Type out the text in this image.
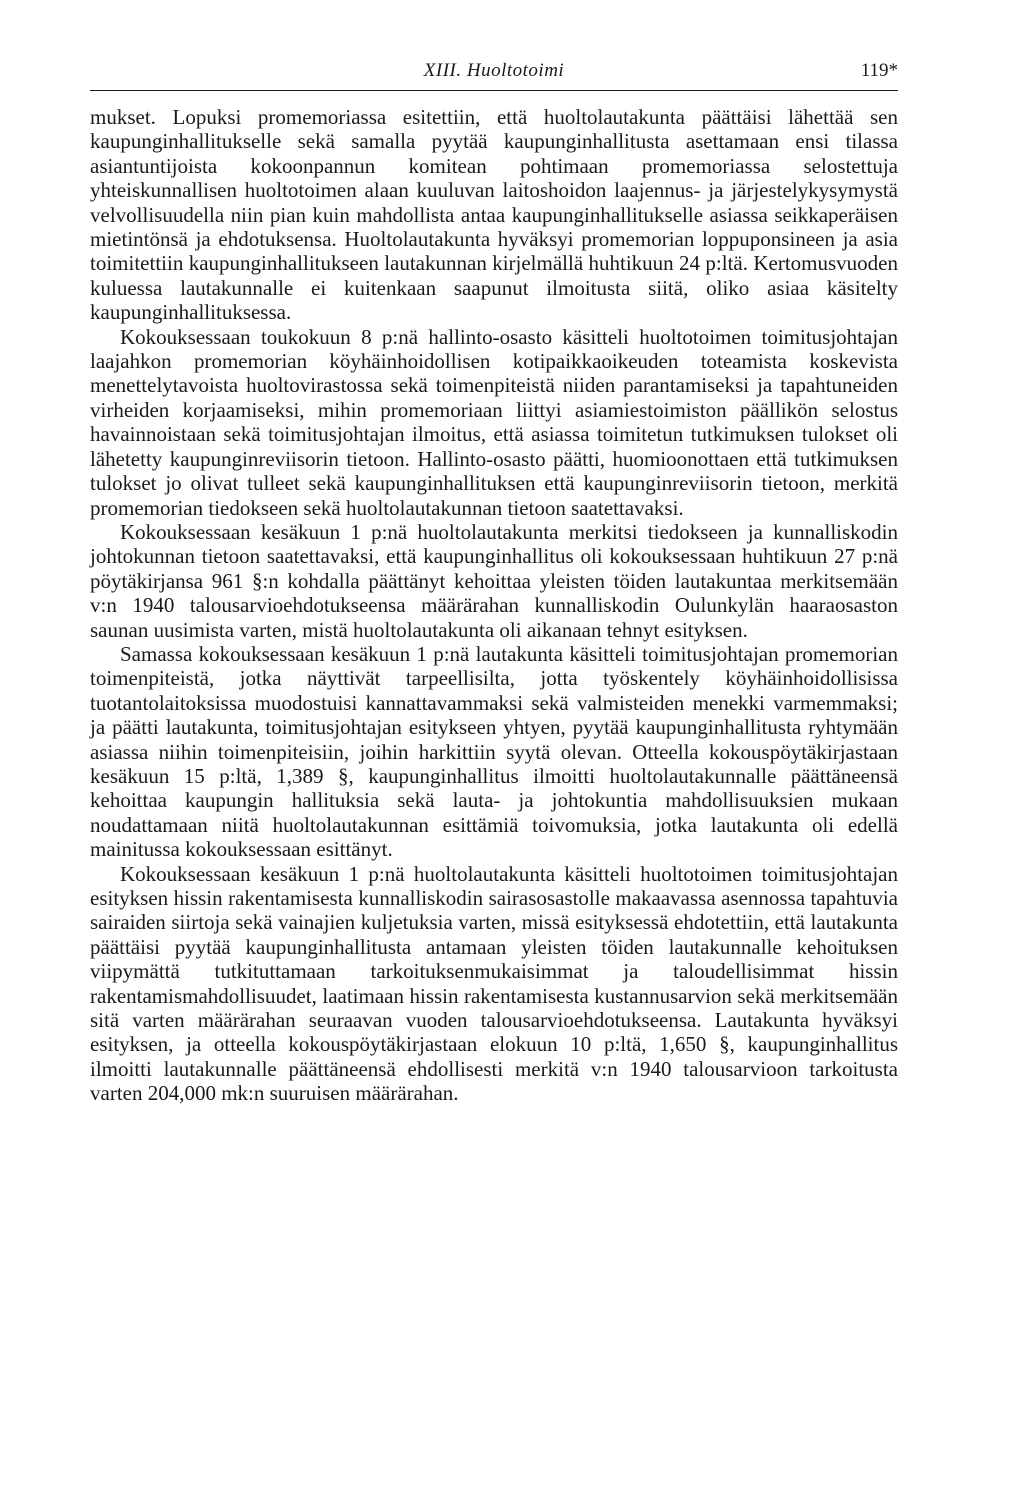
XIII. Huoltotoimi	119*

mukset. Lopuksi promemoriassa esitettiin, että huoltolautakunta päättäisi lähettää sen kaupunginhallitukselle sekä samalla pyytää kaupunginhallitusta asettamaan ensi tilassa asiantuntijoista kokoonpannun komitean pohtimaan promemoriassa selostettuja yhteiskunnallisen huoltotoimen alaan kuuluvan laitoshoidon laajennus- ja järjestelykysymystä velvollisuudella niin pian kuin mahdollista antaa kaupunginhallitukselle asiassa seikkaperäisen mietintönsä ja ehdotuksensa. Huoltolautakunta hyväksyi promemorian loppuponsineen ja asia toimitettiin kaupunginhallitukseen lautakunnan kirjelmällä huhtikuun 24 p:ltä. Kertomusvuoden kuluessa lautakunnalle ei kuitenkaan saapunut ilmoitusta siitä, oliko asiaa käsitelty kaupunginhallituksessa.

Kokouksessaan toukokuun 8 p:nä hallinto-osasto käsitteli huoltotoimen toimitusjohtajan laajahkon promemorian köyhäinhoidollisen kotipaikkaoikeuden toteamista koskevista menettelytavoista huoltovirastossa sekä toimenpiteistä niiden parantamiseksi ja tapahtuneiden virheiden korjaamiseksi, mihin promemoriaan liittyi asiamiestoimiston päällikön selostus havainnoistaan sekä toimitusjohtajan ilmoitus, että asiassa toimitetun tutkimuksen tulokset oli lähetetty kaupunginreviisorin tietoon. Hallinto-osasto päätti, huomioonottaen että tutkimuksen tulokset jo olivat tulleet sekä kaupunginhallituksen että kaupunginreviisorin tietoon, merkitä promemorian tiedokseen sekä huoltolautakunnan tietoon saatettavaksi.

Kokouksessaan kesäkuun 1 p:nä huoltolautakunta merkitsi tiedokseen ja kunnalliskodin johtokunnan tietoon saatettavaksi, että kaupunginhallitus oli kokouksessaan huhtikuun 27 p:nä pöytäkirjansa 961 §:n kohdalla päättänyt kehoittaa yleisten töiden lautakuntaa merkitsemään v:n 1940 talousarvioehdotukseensa määrärahan kunnalliskodin Oulunkylän haaraosaston saunan uusimista varten, mistä huoltolautakunta oli aikanaan tehnyt esityksen.

Samassa kokouksessaan kesäkuun 1 p:nä lautakunta käsitteli toimitusjohtajan promemorian toimenpiteistä, jotka näyttivät tarpeellisilta, jotta työskentely köyhäinhoidollisissa tuotantolaitoksissa muodostuisi kannattavammaksi sekä valmisteiden menekki varmemmaksi; ja päätti lautakunta, toimitusjohtajan esitykseen yhtyen, pyytää kaupunginhallitusta ryhtymään asiassa niihin toimenpiteisiin, joihin harkittiin syytä olevan. Otteella kokouspöytäkirjastaan kesäkuun 15 p:ltä, 1,389 §, kaupunginhallitus ilmoitti huoltolautakunnalle päättäneensä kehoittaa kaupungin hallituksia sekä lauta- ja johtokuntia mahdollisuuksien mukaan noudattamaan niitä huoltolautakunnan esittämiä toivomuksia, jotka lautakunta oli edellä mainitussa kokouksessaan esittänyt.

Kokouksessaan kesäkuun 1 p:nä huoltolautakunta käsitteli huoltotoimen toimitusjohtajan esityksen hissin rakentamisesta kunnalliskodin sairasosastolle makaavassa asennossa tapahtuvia sairaiden siirtoja sekä vainajien kuljetuksia varten, missä esityksessä ehdotettiin, että lautakunta päättäisi pyytää kaupunginhallitusta antamaan yleisten töiden lautakunnalle kehoituksen viipymättä tutkituttamaan tarkoituksenmukaisimmat ja taloudellisimmat hissin rakentamismahdollisuudet, laatimaan hissin rakentamisesta kustannusarvion sekä merkitsemään sitä varten määrärahan seuraavan vuoden talousarvioehdotukseensa. Lautakunta hyväksyi esityksen, ja otteella kokouspöytäkirjastaan elokuun 10 p:ltä, 1,650 §, kaupunginhallitus ilmoitti lautakunnalle päättäneensä ehdollisesti merkitä v:n 1940 talousarvioon tarkoitusta varten 204,000 mk:n suuruisen määrärahan.
